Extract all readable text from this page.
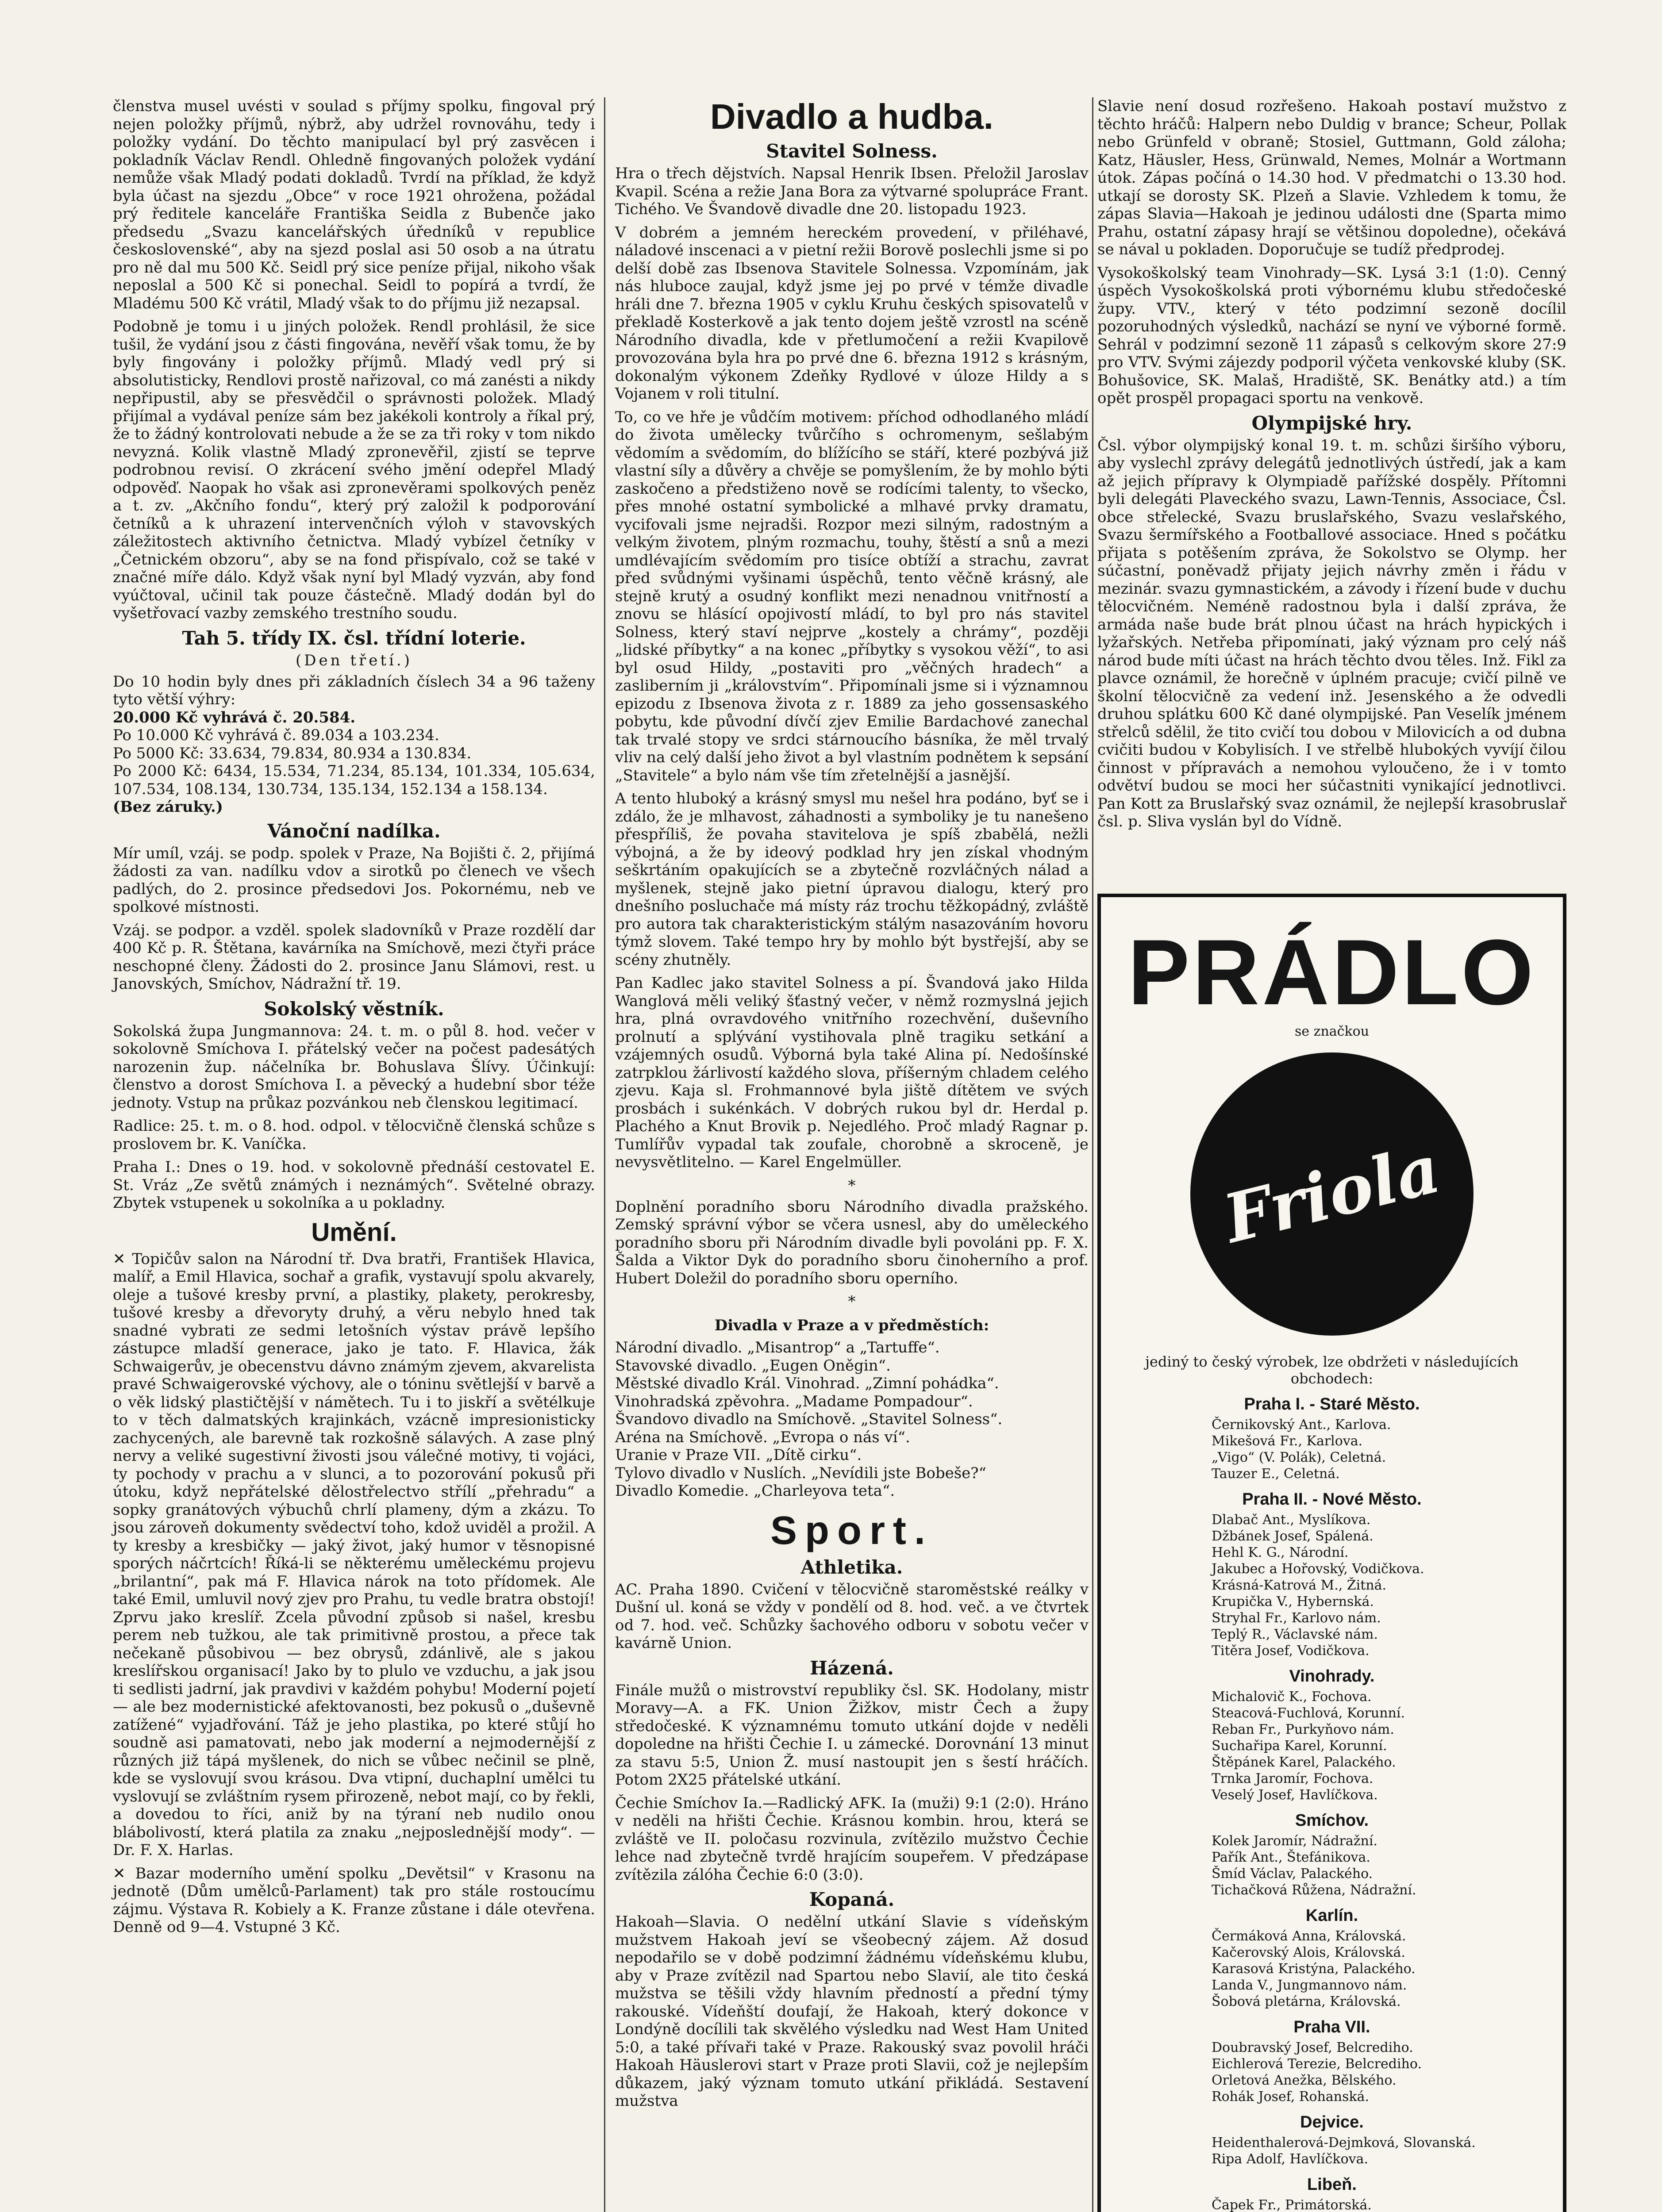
členstva musel uvésti v soulad s příjmy spolku, fingoval prý nejen položky příjmů, nýbrž, aby udržel rovnováhu, tedy i položky vydání. Do těchto manipulací byl prý zasvěcen i pokladník Václav Rendl. Ohledně fingovaných položek vydání nemůže však Mladý podati dokladů. Tvrdí na příklad, že když byla účast na sjezdu „Obce“ v roce 1921 ohrožena, požádal prý ředitele kanceláře Františka Seidla z Bubenče jako předsedu „Svazu kancelářských úředníků v republice československé“, aby na sjezd poslal asi 50 osob a na útratu pro ně dal mu 500 Kč. Seidl prý sice peníze přijal, nikoho však neposlal a 500 Kč si ponechal. Seidl to popírá a tvrdí, že Mladému 500 Kč vrátil, Mladý však to do příjmu již nezapsal.

Podobně je tomu i u jiných položek. Rendl prohlásil, že sice tušil, že vydání jsou z části fingována, nevěří však tomu, že by byly fingovány i položky příjmů. Mladý vedl prý si absolutisticky, Rendlovi prostě nařizoval, co má zanésti a nikdy nepřipustil, aby se přesvědčil o správnosti položek. Mladý přijímal a vydával peníze sám bez jakékoli kontroly a říkal prý, že to žádný kontrolovati nebude a že se za tři roky v tom nikdo nevyzná. Kolik vlastně Mladý zpronevěřil, zjistí se teprve podrobnou revisí. O zkrácení svého jmění odepřel Mladý odpověď. Naopak ho však asi zpronevěrami spolkových peněz a t. zv. „Akčního fondu“, který prý založil k podporování četníků a k uhrazení intervenčních výloh v stavovských záležitostech aktivního četnictva. Mladý vybízel četníky v „Četnickém obzoru“, aby se na fond přispívalo, což se také v značné míře dálo. Když však nyní byl Mladý vyzván, aby fond vyúčtoval, učinil tak pouze částečně. Mladý dodán byl do vyšetřovací vazby zemského trestního soudu.

Tah 5. třídy IX. čsl. třídní loterie.
(Den třetí.)

Do 10 hodin byly dnes při základních číslech 34 a 96 taženy tyto větší výhry:

20.000 Kč vyhrává č. 20.584.

Po 10.000 Kč vyhrává č. 89.034 a 103.234.

Po 5000 Kč: 33.634, 79.834, 80.934 a 130.834.

Po 2000 Kč: 6434, 15.534, 71.234, 85.134, 101.334, 105.634, 107.534, 108.134, 130.734, 135.134, 152.134 a 158.134.

(Bez záruky.)

Vánoční nadílka.

Mír umíl, vzáj. se podp. spolek v Praze, Na Bojišti č. 2, přijímá žádosti za van. nadílku vdov a sirotků po členech ve všech padlých, do 2. prosince předsedovi Jos. Pokornému, neb ve spolkové místnosti.

Vzáj. se podpor. a vzděl. spolek sladovníků v Praze rozdělí dar 400 Kč p. R. Štětana, kavárníka na Smíchově, mezi čtyři práce neschopné členy. Žádosti do 2. prosince Janu Slámovi, rest. u Janovských, Smíchov, Nádražní tř. 19.

Sokolský věstník.

Sokolská župa Jungmannova: 24. t. m. o půl 8. hod. večer v sokolovně Smíchova I. přátelský večer na počest padesátých narozenin žup. náčelníka br. Bohuslava Šlívy. Účinkují: členstvo a dorost Smíchova I. a pěvecký a hudební sbor téže jednoty. Vstup na průkaz pozvánkou neb členskou legitimací.

Radlice: 25. t. m. o 8. hod. odpol. v tělocvičně členská schůze s proslovem br. K. Vaníčka.

Praha I.: Dnes o 19. hod. v sokolovně přednáší cestovatel E. St. Vráz „Ze světů známých i neznámých“. Světelné obrazy. Zbytek vstupenek u sokolníka a u pokladny.

Umění.

✕ Topičův salon na Národní tř. Dva bratři, František Hlavica, malíř, a Emil Hlavica, sochař a grafik, vystavují spolu akvarely, oleje a tušové kresby první, a plastiky, plakety, perokresby, tušové kresby a dřevoryty druhý, a věru nebylo hned tak snadné vybrati ze sedmi letošních výstav právě lepšího zástupce mladší generace, jako je tato. F. Hlavica, žák Schwaigerův, je obecenstvu dávno známým zjevem, akvarelista pravé Schwaigerovské výchovy, ale o tóninu světlejší v barvě a o věk lidský plastičtější v námětech. Tu i to jiskří a světélkuje to v těch dalmatských krajinkách, vzácně impresionisticky zachycených, ale barevně tak rozkošně sálavých. A zase plný nervy a veliké sugestivní živosti jsou válečné motivy, ti vojáci, ty pochody v prachu a v slunci, a to pozorování pokusů při útoku, když nepřátelské dělostřelectvo střílí „přehradu“ a sopky granátových výbuchů chrlí plameny, dým a zkázu. To jsou zároveň dokumenty svědectví toho, kdož uviděl a prožil. A ty kresby a kresbičky — jaký život, jaký humor v těsnopisné sporých náčrtcích! Říká-li se některému uměleckému projevu „brilantní“, pak má F. Hlavica nárok na toto přídomek. Ale také Emil, umluvil nový zjev pro Prahu, tu vedle bratra obstojí! Zprvu jako kreslíř. Zcela původní způsob si našel, kresbu perem neb tužkou, ale tak primitivně prostou, a přece tak nečekaně působivou — bez obrysů, zdánlivě, ale s jakou kreslířskou organisací! Jako by to plulo ve vzduchu, a jak jsou ti sedlisti jadrní, jak pravdivi v každém pohybu! Moderní pojetí — ale bez modernistické afektovanosti, bez pokusů o „duševně zatížené“ vyjadřování. Táž je jeho plastika, po které stůjí ho soudně asi pamatovati, nebo jak moderní a nejmodernější z různých již tápá myšlenek, do nich se vůbec nečinil se plně, kde se vyslovují svou krásou. Dva vtipní, duchaplní umělci tu vyslovují se zvláštním rysem přirozeně, nebot mají, co by řekli, a dovedou to říci, aniž by na týraní neb nudilo onou blábolivostí, která platila za znaku „nejposlednější mody“. — Dr. F. X. Harlas.

✕ Bazar moderního umění spolku „Devětsil“ v Krasonu na jednotě (Dům umělců-Parlament) tak pro stále rostoucímu zájmu. Výstava R. Kobiely a K. Franze zůstane i dále otevřena. Denně od 9—4. Vstupné 3 Kč.

Divadlo a hudba.
Stavitel Solness.

Hra o třech dějstvích. Napsal Henrik Ibsen. Přeložil Jaroslav Kvapil. Scéna a režie Jana Bora za výtvarné spolupráce Frant. Tichého. Ve Švandově divadle dne 20. listopadu 1923.

V dobrém a jemném hereckém provedení, v přiléhavé, náladové inscenaci a v pietní režii Borově poslechli jsme si po delší době zas Ibsenova Stavitele Solnessa. Vzpomínám, jak nás hluboce zaujal, když jsme jej po prvé v témže divadle hráli dne 7. března 1905 v cyklu Kruhu českých spisovatelů v překladě Kosterkově a jak tento dojem ještě vzrostl na scéně Národního divadla, kde v přetlumočení a režii Kvapilově provozována byla hra po prvé dne 6. března 1912 s krásným, dokonalým výkonem Zdeňky Rydlové v úloze Hildy a s Vojanem v roli titulní.

To, co ve hře je vůdčím motivem: příchod odhodlaného mládí do života umělecky tvůrčího s ochromenym, sešlabým vědomím a svědomím, do blížícího se stáří, které pozbývá již vlastní síly a důvěry a chvěje se pomyšlením, že by mohlo býti zaskočeno a předstiženo nově se rodícími talenty, to všecko, přes mnohé ostatní symbolické a mlhavé prvky dramatu, vycifovali jsme nejradši. Rozpor mezi silným, radostným a velkým životem, plným rozmachu, touhy, štěstí a snů a mezi umdlévajícím svědomím pro tisíce obtíží a strachu, zavrat před svůdnými vyšinami úspěchů, tento věčně krásný, ale stejně krutý a osudný konflikt mezi nenadnou vnitřností a znovu se hlásící opojivostí mládí, to byl pro nás stavitel Solness, který staví nejprve „kostely a chrámy“, později „lidské příbytky“ a na konec „příbytky s vysokou věží“, to asi byl osud Hildy, „postaviti pro „věčných hradech“ a zasliberním ji „královstvím“. Připomínali jsme si i významnou epizodu z Ibsenova života z r. 1889 za jeho gossensaského pobytu, kde původní dívčí zjev Emilie Bardachové zanechal tak trvalé stopy ve srdci stárnoucího básníka, že měl trvalý vliv na celý další jeho život a byl vlastním podnětem k sepsání „Stavitele“ a bylo nám vše tím zřetelnější a jasnější.

A tento hluboký a krásný smysl mu nešel hra podáno, byť se i zdálo, že je mlhavost, záhadnosti a symboliky je tu nanešeno přespříliš, že povaha stavitelova je spíš zbabělá, nežli výbojná, a že by ideový podklad hry jen získal vhodným seškrtáním opakujících se a zbytečně rozvláčných nálad a myšlenek, stejně jako pietní úpravou dialogu, který pro dnešního posluchače má místy ráz trochu těžkopádný, zvláště pro autora tak charakteristickým stálým nasazováním hovoru týmž slovem. Také tempo hry by mohlo být bystřejší, aby se scény zhutněly.

Pan Kadlec jako stavitel Solness a pí. Švandová jako Hilda Wanglová měli veliký šťastný večer, v němž rozmyslná jejich hra, plná ovravdového vnitřního rozechvění, duševního prolnutí a splývání vystihovala plně tragiku setkání a vzájemných osudů. Výborná byla také Alina pí. Nedošínské zatrpklou žárlivostí každého slova, příšerným chladem celého zjevu. Kaja sl. Frohmannové byla jiště dítětem ve svých prosbách i sukénkách. V dobrých rukou byl dr. Herdal p. Plachého a Knut Brovik p. Nejedlého. Proč mladý Ragnar p. Tumlířův vypadal tak zoufale, chorobně a skroceně, je nevysvětlitelno. — Karel Engelmüller.

*

Doplnění poradního sboru Národního divadla pražského. Zemský správní výbor se včera usnesl, aby do uměleckého poradního sboru při Národním divadle byli povoláni pp. F. X. Šalda a Viktor Dyk do poradního sboru činoherního a prof. Hubert Doležil do poradního sboru operního.

*
Divadla v Praze a v předměstích:

Národní divadlo. „Misantrop“ a „Tartuffe“.

Stavovské divadlo. „Eugen Oněgin“.

Městské divadlo Král. Vinohrad. „Zimní pohádka“.

Vinohradská zpěvohra. „Madame Pompadour“.

Švandovo divadlo na Smíchově. „Stavitel Solness“.

Aréna na Smíchově. „Evropa o nás ví“.

Uranie v Praze VII. „Dítě cirku“.

Tylovo divadlo v Nuslích. „Nevídili jste Bobeše?“

Divadlo Komedie. „Charleyova teta“.

Sport.
Athletika.

AC. Praha 1890. Cvičení v tělocvičně staroměstské reálky v Dušní ul. koná se vždy v pondělí od 8. hod. več. a ve čtvrtek od 7. hod. več. Schůzky šachového odboru v sobotu večer v kavárně Union.

Házená.

Finále mužů o mistrovství republiky čsl. SK. Hodolany, mistr Moravy—A. a FK. Union Žižkov, mistr Čech a župy středočeské. K významnému tomuto utkání dojde v neděli dopoledne na hřišti Čechie I. u zámecké. Dorovnání 13 minut za stavu 5:5, Union Ž. musí nastoupit jen s šestí hráčích. Potom 2X25 přátelské utkání.

Čechie Smíchov Ia.—Radlický AFK. Ia (muži) 9:1 (2:0). Hráno v neděli na hřišti Čechie. Krásnou kombin. hrou, která se zvláště ve II. poločasu rozvinula, zvítězilo mužstvo Čechie lehce nad zbytečně tvrdě hrajícím soupeřem. V předzápase zvítězila zálóha Čechie 6:0 (3:0).

Kopaná.

Hakoah—Slavia. O nedělní utkání Slavie s vídeňským mužstvem Hakoah jeví se všeobecný zájem. Až dosud nepodařilo se v době podzimní žádnému vídeňskému klubu, aby v Praze zvítězil nad Spartou nebo Slavií, ale tito česká mužstva se těšili vždy hlavním předností a přední týmy rakouské. Vídeňští doufají, že Hakoah, který dokonce v Londýně docílili tak skvělého výsledku nad West Ham United 5:0, a také přívaři také v Praze. Rakouský svaz povolil hráči Hakoah Häuslerovi start v Praze proti Slavii, což je nejlepším důkazem, jaký význam tomuto utkání přikládá. Sestavení mužstva

Slavie není dosud rozřešeno. Hakoah postaví mužstvo z těchto hráčů: Halpern nebo Duldig v brance; Scheur, Pollak nebo Grünfeld v obraně; Stosiel, Guttmann, Gold záloha; Katz, Häusler, Hess, Grünwald, Nemes, Molnár a Wortmann útok. Zápas počíná o 14.30 hod. V předmatchi o 13.30 hod. utkají se dorosty SK. Plzeň a Slavie. Vzhledem k tomu, že zápas Slavia—Hakoah je jedinou události dne (Sparta mimo Prahu, ostatní zápasy hrají se většinou dopoledne), očekává se nával u pokladen. Doporučuje se tudíž předprodej.

Vysokoškolský team Vinohrady—SK. Lysá 3:1 (1:0). Cenný úspěch Vysokoškolská proti výbornému klubu středočeské župy. VTV., který v této podzimní sezoně docílil pozoruhodných výsledků, nachází se nyní ve výborné formě. Sehrál v podzimní sezoně 11 zápasů s celkovým skore 27:9 pro VTV. Svými zájezdy podporil výčeta venkovské kluby (SK. Bohušovice, SK. Malaš, Hradiště, SK. Benátky atd.) a tím opět prospěl propagaci sportu na venkově.

Olympijské hry.

Čsl. výbor olympijský konal 19. t. m. schůzi širšího výboru, aby vyslechl zprávy delegátů jednotlivých ústředí, jak a kam až jejich přípravy k Olympiadě pařížské dospěly. Přítomni byli delegáti Plaveckého svazu, Lawn-Tennis, Associace, Čsl. obce střelecké, Svazu bruslařského, Svazu veslařského, Svazu šermířského a Footballové associace. Hned s počátku přijata s potěšením zpráva, že Sokolstvo se Olymp. her súčastní, poněvadž přijaty jejich návrhy změn i řádu v mezinár. svazu gymnastickém, a závody i řízení bude v duchu tělocvičném. Neméně radostnou byla i další zpráva, že armáda naše bude brát plnou účast na hrách hypických i lyžařských. Netřeba připomínati, jaký význam pro celý náš národ bude míti účast na hrách těchto dvou těles. Inž. Fikl za plavce oznámil, že horečně v úplném pracuje; cvičí pilně ve školní tělocvičně za vedení inž. Jesenského a že odvedli druhou splátku 600 Kč dané olympijské. Pan Veselík jménem střelců sdělil, že tito cvičí tou dobou v Milovicích a od dubna cvičiti budou v Kobylisích. I ve střelbě hlubokých vyvíjí čilou činnost v přípravách a nemohou vyloučeno, že i v tomto odvětví budou se moci her súčastniti vynikající jednotlivci. Pan Kott za Bruslařský svaz oznámil, že nejlepší krasobruslař čsl. p. Sliva vyslán byl do Vídně.

PRÁDLO
se značkou
Friola
jediný to český výrobek, lze obdržeti v následujících obchodech:
Praha I. - Staré Město.
Černikovský Ant., Karlova.
Mikešová Fr., Karlova.
„Vigo“ (V. Polák), Celetná.
Tauzer E., Celetná.
Praha II. - Nové Město.
Dlabač Ant., Myslíkova.
Džbánek Josef, Spálená.
Hehl K. G., Národní.
Jakubec a Hořovský, Vodičkova.
Krásná-Katrová M., Žitná.
Krupička V., Hybernská.
Stryhal Fr., Karlovo nám.
Teplý R., Václavské nám.
Titěra Josef, Vodičkova.
Vinohrady.
Michalovič K., Fochova.
Steacová-Fuchlová, Korunní.
Reban Fr., Purkyňovo nám.
Suchařipa Karel, Korunní.
Štěpánek Karel, Palackého.
Trnka Jaromír, Fochova.
Veselý Josef, Havlíčkova.
Smíchov.
Kolek Jaromír, Nádražní.
Pařík Ant., Štefánikova.
Šmíd Václav, Palackého.
Tichačková Růžena, Nádražní.
Karlín.
Čermáková Anna, Královská.
Kačerovský Alois, Královská.
Karasová Kristýna, Palackého.
Landa V., Jungmannovo nám.
Šobová pletárna, Královská.
Praha VII.
Doubravský Josef, Belcrediho.
Eichlerová Terezie, Belcrediho.
Orletová Anežka, Bělského.
Rohák Josef, Rohanská.
Dejvice.
Heidenthalerová-Dejmková, Slovanská.
Ripa Adolf, Havlíčkova.
Libeň.
Čapek Fr., Primátorská.
